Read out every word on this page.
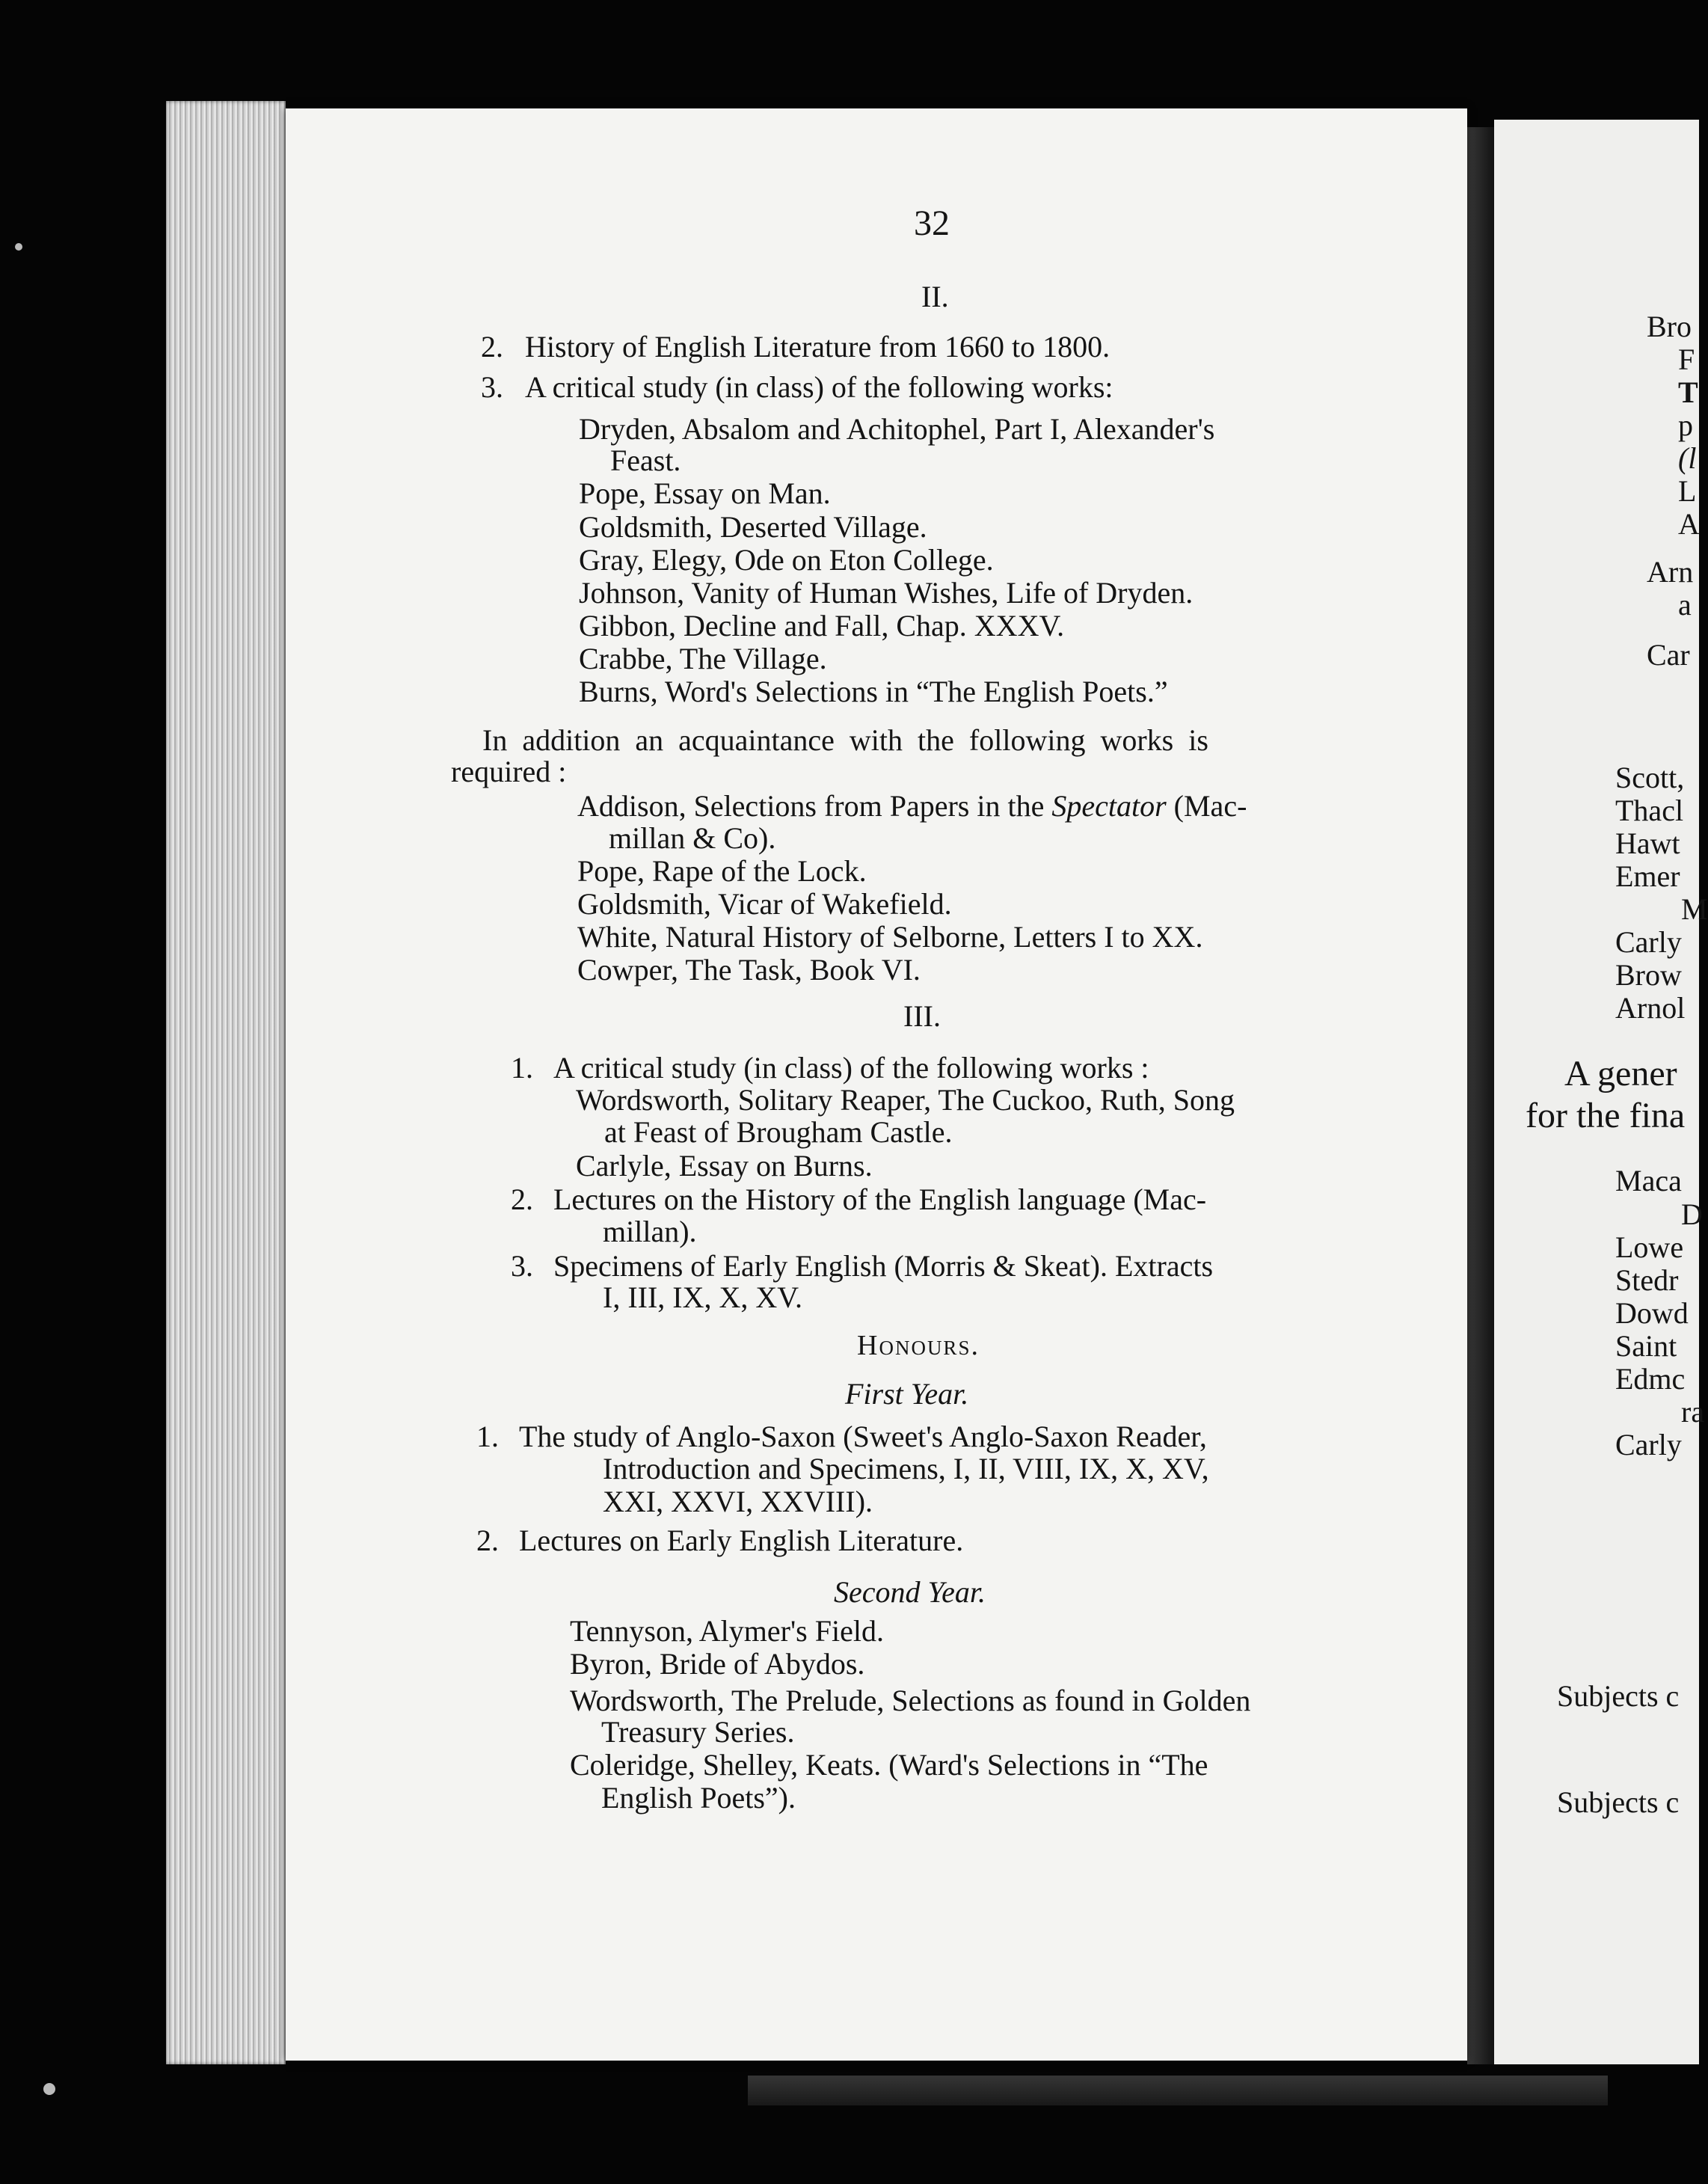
32
II.
2. History of English Literature from 1660 to 1800.
3. A critical study (in class) of the following works:
Dryden, Absalom and Achitophel, Part I, Alexander's
Feast.
Pope, Essay on Man.
Goldsmith, Deserted Village.
Gray, Elegy, Ode on Eton College.
Johnson, Vanity of Human Wishes, Life of Dryden.
Gibbon, Decline and Fall, Chap. XXXV.
Crabbe, The Village.
Burns, Word's Selections in “The English Poets.”
In addition an acquaintance with the following works is
required :
Addison, Selections from Papers in the Spectator (Mac-
millan & Co).
Pope, Rape of the Lock.
Goldsmith, Vicar of Wakefield.
White, Natural History of Selborne, Letters I to XX.
Cowper, The Task, Book VI.
III.
1. A critical study (in class) of the following works :
Wordsworth, Solitary Reaper, The Cuckoo, Ruth, Song
at Feast of Brougham Castle.
Carlyle, Essay on Burns.
2. Lectures on the History of the English language (Mac-
millan).
3. Specimens of Early English (Morris & Skeat). Extracts
I, III, IX, X, XV.
Honours.
First Year.
1. The study of Anglo-Saxon (Sweet's Anglo-Saxon Reader,
Introduction and Specimens, I, II, VIII, IX, X, XV,
XXI, XXVI, XXVIII).
2. Lectures on Early English Literature.
Second Year.
Tennyson, Alymer's Field.
Byron, Bride of Abydos.
Wordsworth, The Prelude, Selections as found in Golden
Treasury Series.
Coleridge, Shelley, Keats. (Ward's Selections in “The
English Poets”).
Bro
F
T
p
(l
L
A
Arn
a
Car
Scott,
Thacl
Hawt
Emer
M
Carly
Brow
Arnol
A gener
for the fina
Maca
D
Lowe
Stedr
Dowd
Saint
Edmc
ra
Carly
Subjects c
Subjects c
